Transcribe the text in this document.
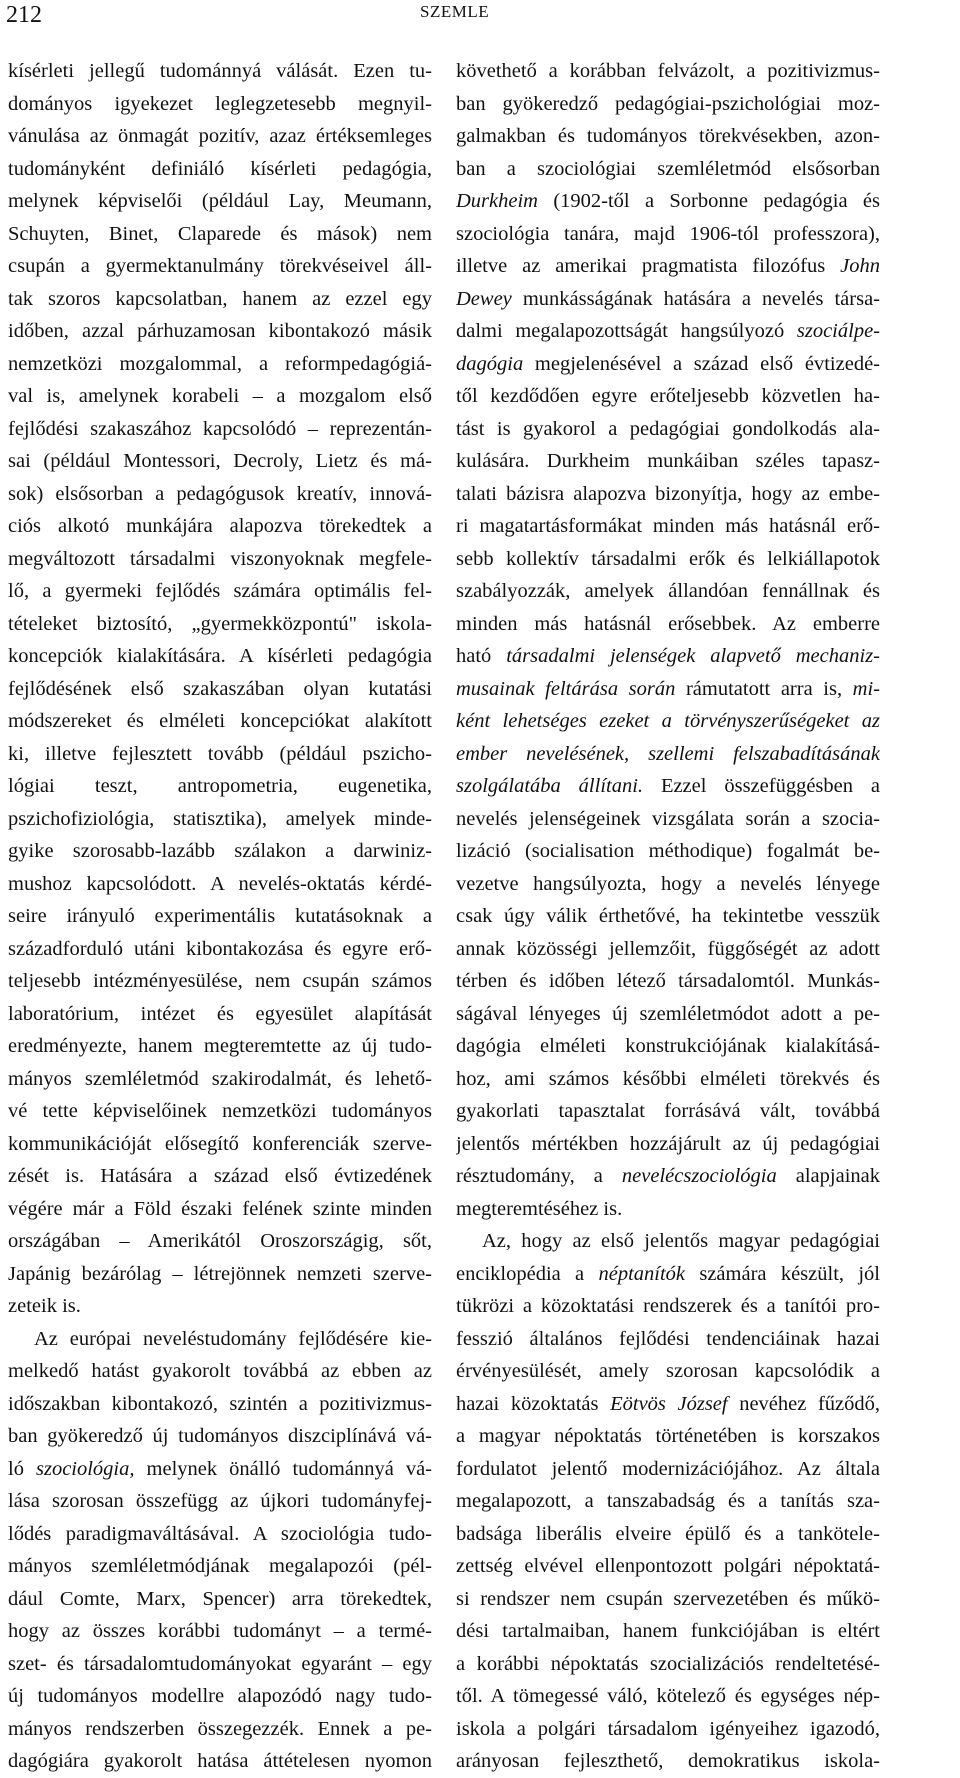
212	SZEMLE
kísérleti jellegű tudománnyá válását. Ezen tu-
dományos igyekezet leglegzetesebb megnyil-
vánulása az önmagát pozitív, azaz értéksemleges
tudományként definiáló kísérleti pedagógia,
melynek képviselői (például Lay, Meumann,
Schuyten, Binet, Claparede és mások) nem
csupán a gyermektanulmány törekvéseivel áll-
tak szoros kapcsolatban, hanem az ezzel egy
időben, azzal párhuzamosan kibontakozó másik
nemzetközi mozgalommal, a reformpedagógiá-
val is, amelynek korabeli – a mozgalom első
fejlődési szakaszához kapcsolódó – reprezentán-
sai (például Montessori, Decroly, Lietz és má-
sok) elsősorban a pedagógusok kreatív, innová-
ciós alkotó munkájára alapozva törekedtek a
megváltozott társadalmi viszonyoknak megfele-
lő, a gyermeki fejlődés számára optimális fel-
tételeket biztosító, „gyermekközpontú" iskola-
koncepciók kialakítására. A kísérleti pedagógia
fejlődésének első szakaszában olyan kutatási
módszereket és elméleti koncepciókat alakított
ki, illetve fejlesztett tovább (például pszicho-
lógiai teszt, antropometria, eugenetika,
pszichofiziológia, statisztika), amelyek minde-
gyike szorosabb-lazább szálakon a darwiniz-
mushoz kapcsolódott. A nevelés-oktatás kérdé-
seire irányuló experimentális kutatásoknak a
századforduló utáni kibontakozása és egyre erő-
teljesebb intézményesülése, nem csupán számos
laboratórium, intézet és egyesület alapítását
eredményezte, hanem megteremtette az új tudo-
mányos szemléletmód szakirodalmát, és lehető-
vé tette képviselőinek nemzetközi tudományos
kommunikációját elősegítő konferenciák szerve-
zését is. Hatására a század első évtizedének
végére már a Föld északi felének szinte minden
országában – Amerikától Oroszországig, sőt,
Japánig bezárólag – létrejönnek nemzeti szerve-
zeteik is.
Az európai neveléstudomány fejlődésére kie-
melkedő hatást gyakorolt továbbá az ebben az
időszakban kibontakozó, szintén a pozitivizmus-
ban gyökeredző új tudományos diszciplínává vá-
ló szociológia, melynek önálló tudománnyá vá-
lása szorosan összefügg az újkori tudományfej-
lődés paradigmaváltásával. A szociológia tudo-
mányos szemléletmódjának megalapozói (pél-
dául Comte, Marx, Spencer) arra törekedtek,
hogy az összes korábbi tudományt – a termé-
szet- és társadalomtudományokat egyaránt – egy
új tudományos modellre alapozódó nagy tudo-
mányos rendszerben összegezzék. Ennek a pe-
dagógiára gyakorolt hatása áttételesen nyomon
követhető a korábban felvázolt, a pozitivizmus-
ban gyökeredző pedagógiai-pszichológiai moz-
galmakban és tudományos törekvésekben, azon-
ban a szociológiai szemléletmód elsősorban
Durkheim (1902-től a Sorbonne pedagógia és
szociológia tanára, majd 1906-tól professzora),
illetve az amerikai pragmatista filozófus John
Dewey munkásságának hatására a nevelés társa-
dalmi megalapozottságát hangsúlyozó szociálpe-
dagógia megjelenésével a század első évtizedé-
től kezdődően egyre erőteljesebb közvetlen ha-
tást is gyakorol a pedagógiai gondolkodás ala-
kulására. Durkheim munkáiban széles tapasz-
talati bázisra alapozva bizonyítja, hogy az embe-
ri magatartásformákat minden más hatásnál erő-
sebb kollektív társadalmi erők és lelkiállapotok
szabályozzák, amelyek állandóan fennállnak és
minden más hatásnál erősebbek. Az emberre
ható társadalmi jelenségek alapvető mechaniz-
musainak feltárása során rámutatott arra is, mi-
ként lehetséges ezeket a törvényszerűségeket az
ember nevelésének, szellemi felszabadításának
szolgálatába állítani. Ezzel összefüggésben a
nevelés jelenségeinek vizsgálata során a szocia-
lizáció (socialisation méthodique) fogalmát be-
vezetve hangsúlyozta, hogy a nevelés lényege
csak úgy válik érthetővé, ha tekintetbe vesszük
annak közösségi jellemzőit, függőségét az adott
térben és időben létező társadalomtól. Munkás-
ságával lényeges új szemléletmódot adott a pe-
dagógia elméleti konstrukciójának kialakításá-
hoz, ami számos későbbi elméleti törekvés és
gyakorlati tapasztalat forrásává vált, továbbá
jelentős mértékben hozzájárult az új pedagógiai
résztudomány, a neveléсszociológia alapjainak
megteremtéséhez is.
Az, hogy az első jelentős magyar pedagógiai
enciklopédia a néptanítók számára készült, jól
tükrözi a közoktatási rendszerek és a tanítói pro-
fesszió általános fejlődési tendenciáinak hazai
érvényesülését, amely szorosan kapcsolódik a
hazai közoktatás Eötvös József nevéhez fűződő,
a magyar népoktatás történetében is korszakos
fordulatot jelentő modernizációjához. Az általa
megalapozott, a tanszabadság és a tanítás sza-
badsága liberális elveire épülő és a tankötele-
zettség elvével ellenpontozott polgári népoktatá-
si rendszer nem csupán szervezetében és műkö-
dési tartalmaiban, hanem funkciójában is eltért
a korábbi népoktatás szocializációs rendeltetésé-
től. A tömegessé váló, kötelező és egységes nép-
iskola a polgári társadalom igényeihez igazodó,
arányosan fejleszthető, demokratikus iskola-
